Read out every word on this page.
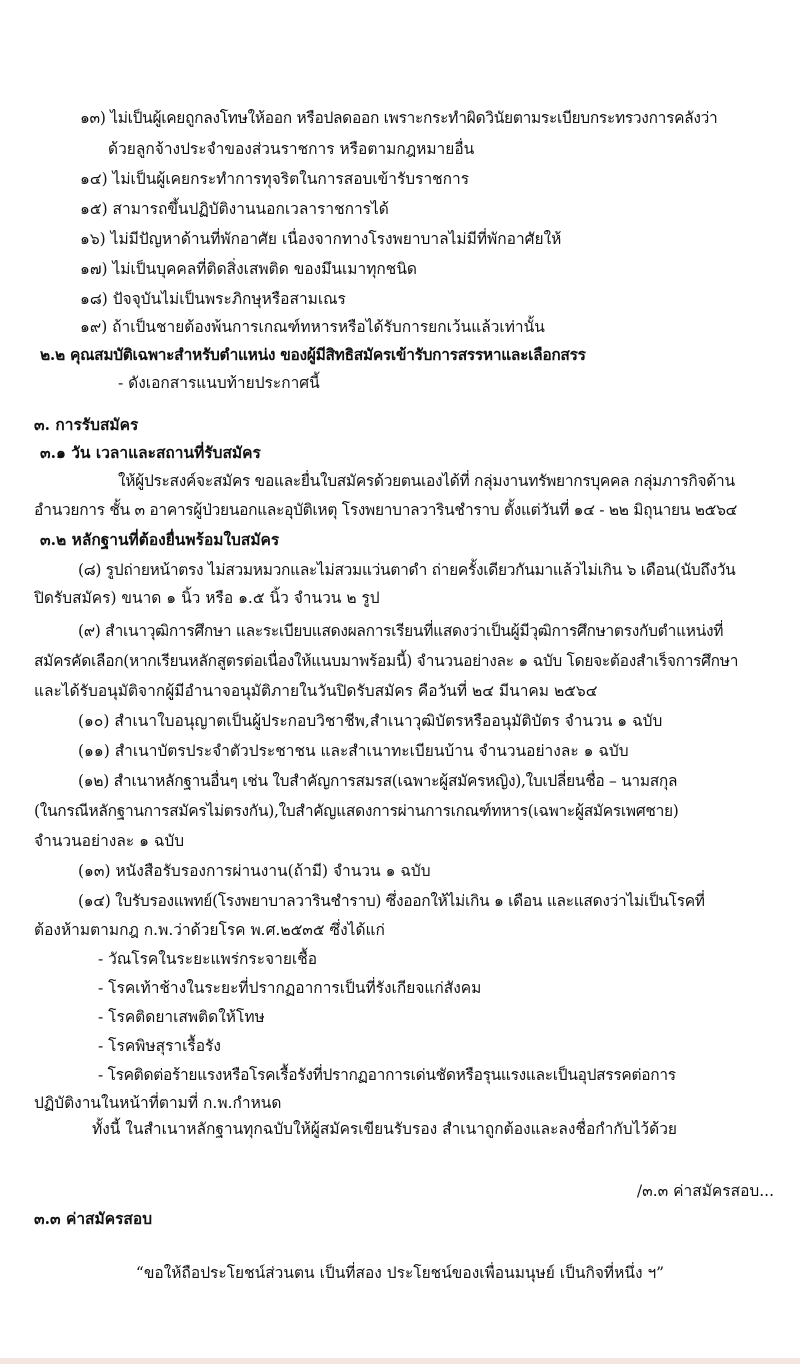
๑๓) ไม่เป็นผู้เคยถูกลงโทษให้ออก หรือปลดออก เพราะกระทำผิดวินัยตามระเบียบกระทรวงการคลังว่า
ด้วยลูกจ้างประจำของส่วนราชการ หรือตามกฎหมายอื่น
๑๔) ไม่เป็นผู้เคยกระทำการทุจริตในการสอบเข้ารับราชการ
๑๕) สามารถขึ้นปฏิบัติงานนอกเวลาราชการได้
๑๖) ไม่มีปัญหาด้านที่พักอาศัย เนื่องจากทางโรงพยาบาลไม่มีที่พักอาศัยให้
๑๗) ไม่เป็นบุคคลที่ติดสิ่งเสพติด ของมึนเมาทุกชนิด
๑๘) ปัจจุบันไม่เป็นพระภิกษุหรือสามเณร
๑๙) ถ้าเป็นชายต้องพ้นการเกณฑ์ทหารหรือได้รับการยกเว้นแล้วเท่านั้น
๒.๒ คุณสมบัติเฉพาะสำหรับตำแหน่ง ของผู้มีสิทธิสมัครเข้ารับการสรรหาและเลือกสรร
- ดังเอกสารแนบท้ายประกาศนี้
๓. การรับสมัคร
๓.๑ วัน เวลาและสถานที่รับสมัคร
ให้ผู้ประสงค์จะสมัคร ขอและยื่นใบสมัครด้วยตนเองได้ที่ กลุ่มงานทรัพยากรบุคคล กลุ่มภารกิจด้าน
อำนวยการ ชั้น ๓ อาคารผู้ป่วยนอกและอุบัติเหตุ โรงพยาบาลวารินชำราบ ตั้งแต่วันที่ ๑๔ - ๒๒ มิถุนายน ๒๕๖๔
๓.๒ หลักฐานที่ต้องยื่นพร้อมใบสมัคร
(๘) รูปถ่ายหน้าตรง ไม่สวมหมวกและไม่สวมแว่นตาดำ ถ่ายครั้งเดียวกันมาแล้วไม่เกิน ๖ เดือน(นับถึงวัน
ปิดรับสมัคร) ขนาด ๑ นิ้ว หรือ ๑.๕ นิ้ว จำนวน ๒ รูป
(๙) สำเนาวุฒิการศึกษา และระเบียบแสดงผลการเรียนที่แสดงว่าเป็นผู้มีวุฒิการศึกษาตรงกับตำแหน่งที่
สมัครคัดเลือก(หากเรียนหลักสูตรต่อเนื่องให้แนบมาพร้อมนี้) จำนวนอย่างละ ๑ ฉบับ โดยจะต้องสำเร็จการศึกษา
และได้รับอนุมัติจากผู้มีอำนาจอนุมัติภายในวันปิดรับสมัคร คือวันที่ ๒๔ มีนาคม ๒๕๖๔
(๑๐) สำเนาใบอนุญาตเป็นผู้ประกอบวิชาชีพ,สำเนาวุฒิบัตรหรืออนุมัติบัตร จำนวน ๑ ฉบับ
(๑๑) สำเนาบัตรประจำตัวประชาชน และสำเนาทะเบียนบ้าน จำนวนอย่างละ ๑ ฉบับ
(๑๒) สำเนาหลักฐานอื่นๆ เช่น ใบสำคัญการสมรส(เฉพาะผู้สมัครหญิง),ใบเปลี่ยนชื่อ – นามสกุล
(ในกรณีหลักฐานการสมัครไม่ตรงกัน),ใบสำคัญแสดงการผ่านการเกณฑ์ทหาร(เฉพาะผู้สมัครเพศชาย)
จำนวนอย่างละ ๑ ฉบับ
(๑๓) หนังสือรับรองการผ่านงาน(ถ้ามี) จำนวน ๑ ฉบับ
(๑๔) ใบรับรองแพทย์(โรงพยาบาลวารินชำราบ) ซึ่งออกให้ไม่เกิน ๑ เดือน และแสดงว่าไม่เป็นโรคที่
ต้องห้ามตามกฎ ก.พ.ว่าด้วยโรค พ.ศ.๒๕๓๕ ซึ่งได้แก่
- วัณโรคในระยะแพร่กระจายเชื้อ
- โรคเท้าช้างในระยะที่ปรากฏอาการเป็นที่รังเกียจแก่สังคม
- โรคติดยาเสพติดให้โทษ
- โรคพิษสุราเรื้อรัง
- โรคติดต่อร้ายแรงหรือโรคเรื้อรังที่ปรากฏอาการเด่นชัดหรือรุนแรงและเป็นอุปสรรคต่อการ
ปฏิบัติงานในหน้าที่ตามที่ ก.พ.กำหนด
ทั้งนี้ ในสำเนาหลักฐานทุกฉบับให้ผู้สมัครเขียนรับรอง สำเนาถูกต้องและลงชื่อกำกับไว้ด้วย
/๓.๓ ค่าสมัครสอบ...
๓.๓ ค่าสมัครสอบ
“ขอให้ถือประโยชน์ส่วนตน เป็นที่สอง ประโยชน์ของเพื่อนมนุษย์ เป็นกิจที่หนึ่ง ฯ”
